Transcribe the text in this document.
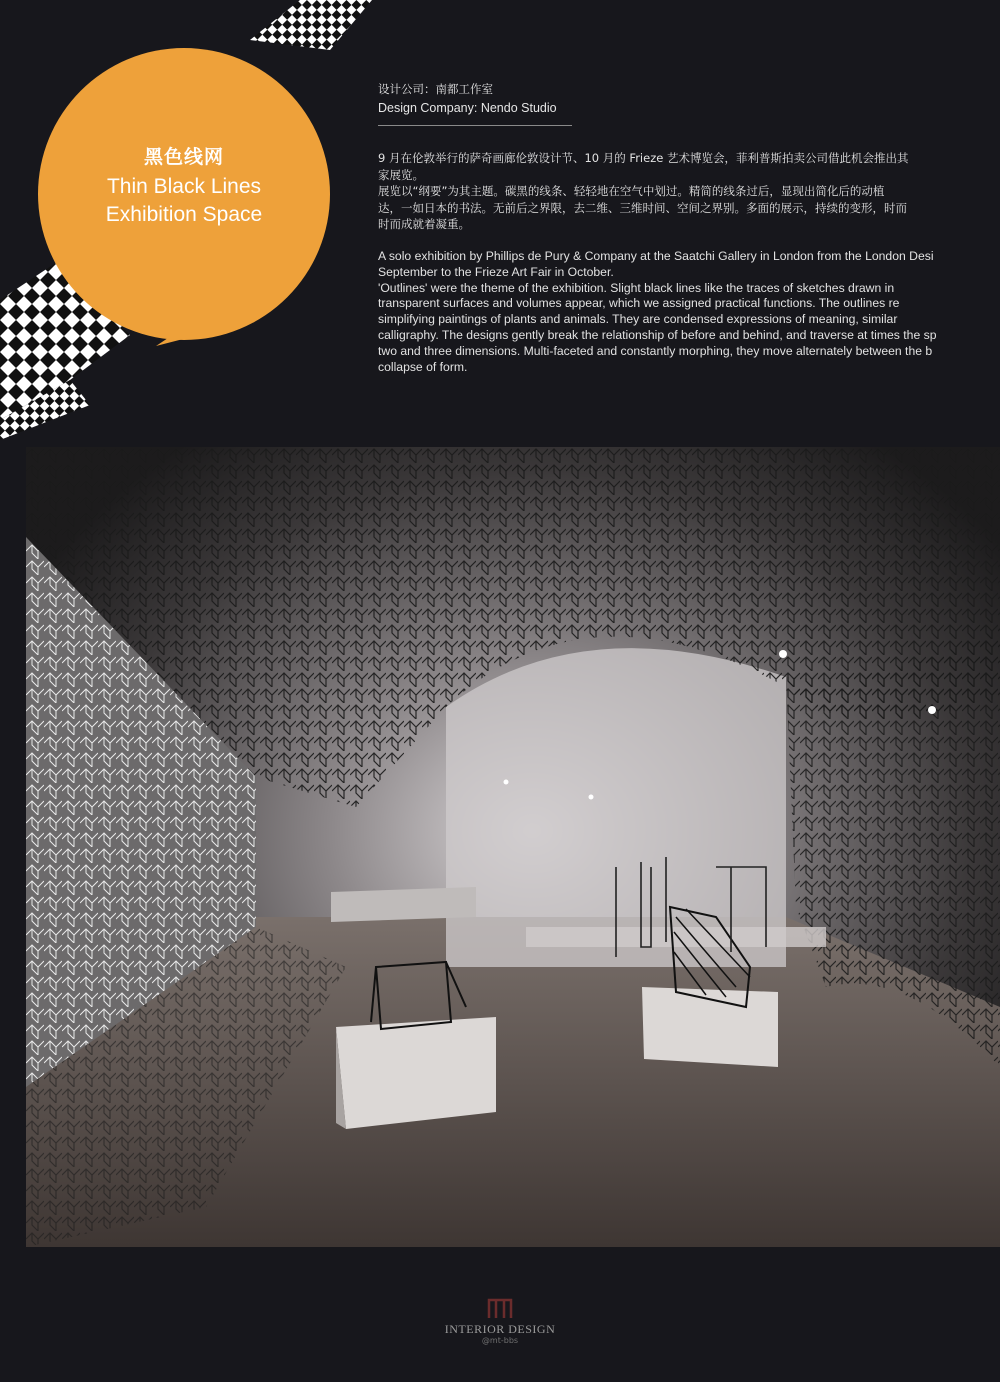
黑色线网
Thin Black Lines
Exhibition Space
设计公司：南都工作室
Design Company: Nendo Studio
9 月在伦敦举行的萨奇画廊伦敦设计节、10 月的 Frieze 艺术博览会，菲利普斯拍卖公司借此机会推出其
家展览。
展览以“纲要”为其主题。碳黑的线条、轻轻地在空气中划过。精简的线条过后，显现出简化后的动植
达，一如日本的书法。无前后之界限，去二维、三维时间、空间之界别。多面的展示，持续的变形，时而
时而成就着凝重。
A solo exhibition by Phillips de Pury & Company at the Saatchi Gallery in London from the London Desi
September to the Frieze Art Fair in October.
'Outlines' were the theme of the exhibition. Slight black lines like the traces of sketches drawn in
transparent surfaces and volumes appear, which we assigned practical functions. The outlines re
simplifying paintings of plants and animals. They are condensed expressions of meaning, similar
calligraphy. The designs gently break the relationship of before and behind, and traverse at times the sp
two and three dimensions. Multi-faceted and constantly morphing, they move alternately between the b
collapse of form.
INTERIOR DESIGN
@mt-bbs
